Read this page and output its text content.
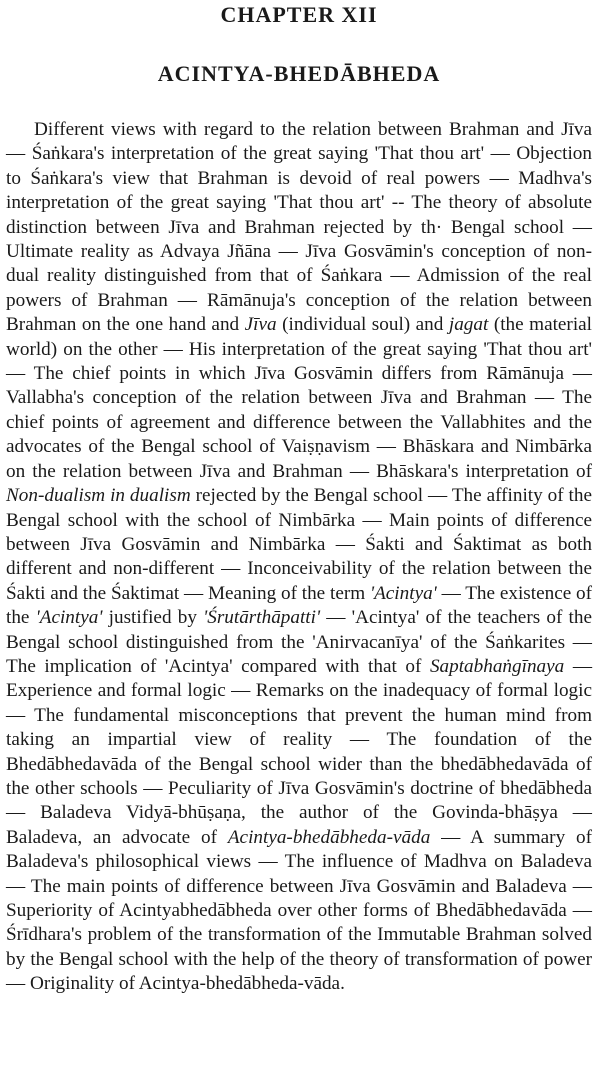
CHAPTER XII
ACINTYA-BHEDĀBHEDA

Different views with regard to the relation between Brahman and Jīva — Śaṅkara's interpretation of the great saying 'That thou art' — Objection to Śaṅkara's view that Brahman is devoid of real powers — Madhva's interpretation of the great saying 'That thou art' -- The theory of absolute distinction between Jīva and Brahman rejected by th· Bengal school — Ultimate reality as Advaya Jñāna — Jīva Gosvāmin's conception of non-dual reality distinguished from that of Śaṅkara — Admission of the real powers of Brahman — Rāmānuja's conception of the relation between Brahman on the one hand and Jīva (individual soul) and jagat (the material world) on the other — His interpretation of the great saying 'That thou art' — The chief points in which Jīva Gosvāmin differs from Rāmānuja — Vallabha's conception of the relation between Jīva and Brahman — The chief points of agreement and difference between the Vallabhites and the advocates of the Bengal school of Vaiṣṇavism — Bhāskara and Nimbārka on the relation between Jīva and Brahman — Bhāskara's interpretation of Non-dualism in dualism rejected by the Bengal school — The affinity of the Bengal school with the school of Nimbārka — Main points of difference between Jīva Gosvāmin and Nimbārka — Śakti and Śaktimat as both different and non-different — Inconceivability of the relation between the Śakti and the Śaktimat — Meaning of the term 'Acintya' — The existence of the 'Acintya' justified by 'Śrutārthāpatti' — 'Acintya' of the teachers of the Bengal school distinguished from the 'Anirvacanīya' of the Śaṅkarites — The implication of 'Acintya' compared with that of Saptabhaṅgīnaya — Experience and formal logic — Remarks on the inadequacy of formal logic — The fundamental misconceptions that prevent the human mind from taking an impartial view of reality — The foundation of the Bhedābhedavāda of the Bengal school wider than the bhedābhedavāda of the other schools — Peculiarity of Jīva Gosvāmin's doctrine of bhedābheda — Baladeva Vidyā-bhūṣaṇa, the author of the Govinda-bhāṣya — Baladeva, an advocate of Acintya-bhedābheda-vāda — A summary of Baladeva's philosophical views — The influence of Madhva on Baladeva — The main points of difference between Jīva Gosvāmin and Baladeva — Superiority of Acintyabhedābheda over other forms of Bhedābhedavāda — Śrīdhara's problem of the transformation of the Immutable Brahman solved by the Bengal school with the help of the theory of transformation of power — Originality of Acintya-bhedābheda-vāda.
